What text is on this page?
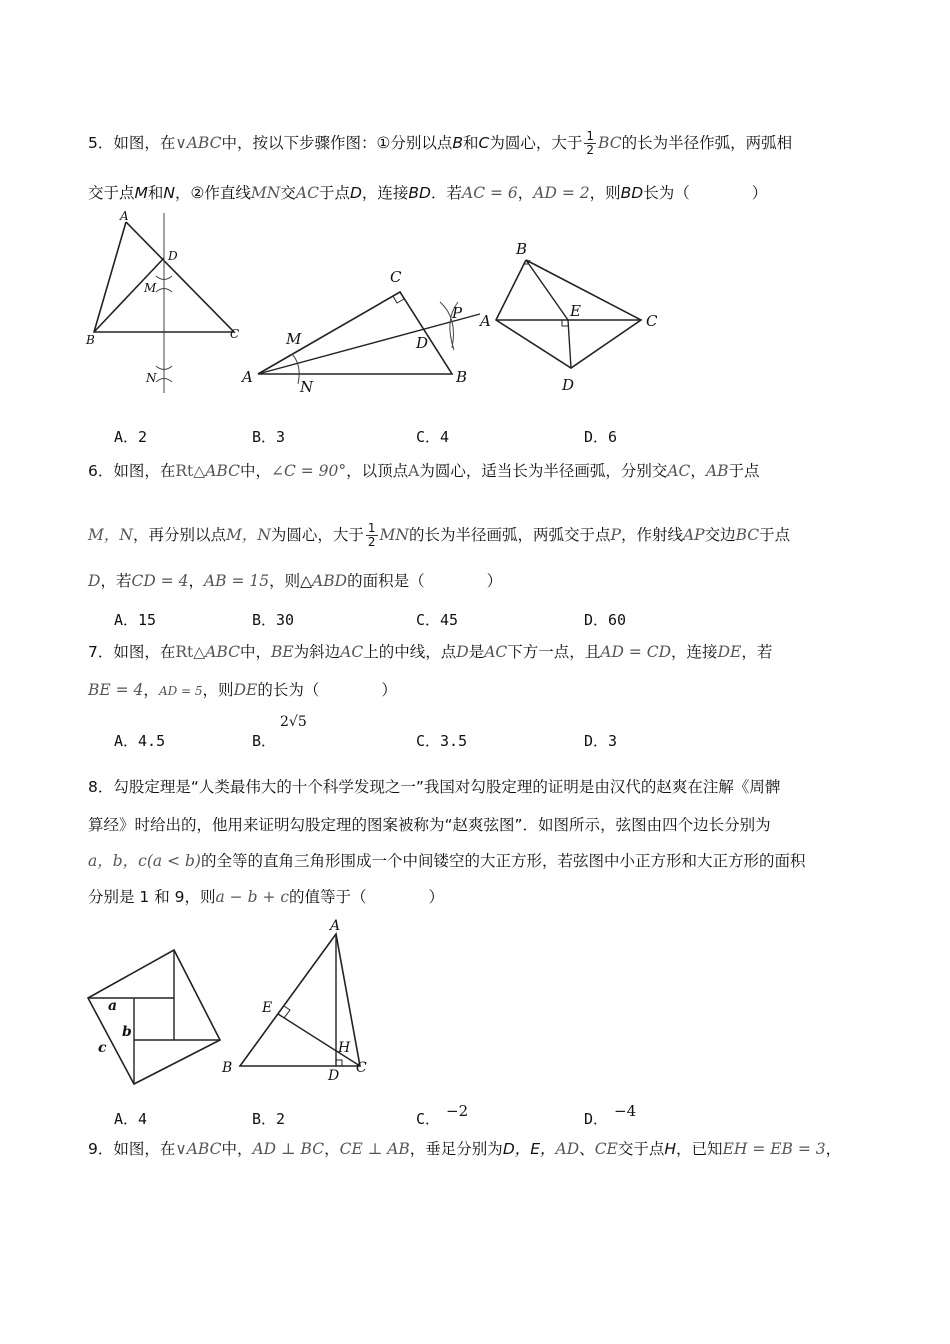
5．如图，在∨ABC中，按以下步骤作图：①分别以点B和C为圆心，大于 $\frac{1}{2}$ BC的长为半径作弧，两弧相
交于点M和N，②作直线MN交AC于点D，连接BD．若AC = 6，AD = 2，则BD长为（　　　　）
A
D
M
B	C
N
C
M
P
D
A
N
B
B
E
A	C
D
A．2	B．3	C．4	D．6
6．如图，在Rt△ABC中，∠C = 90°，以顶点A为圆心，适当长为半径画弧，分别交AC，AB于点
M，N，再分别以点M，N为圆心，大于 $\frac{1}{2}$ MN的长为半径画弧，两弧交于点P，作射线AP交边BC于点
D，若CD = 4，AB = 15，则△ABD的面积是（　　　　）
A．15	B．30	C．45	D．60
7．如图，在Rt△ABC中，BE为斜边AC上的中线，点D是AC下方一点，且AD = CD，连接DE，若
BE = 4，AD = 5，则DE的长为（　　　　）
A．4.5	B．
2√5
C．3.5	D．3
8．勾股定理是“人类最伟大的十个科学发现之一”我国对勾股定理的证明是由汉代的赵爽在注解《周髀
算经》时给出的，他用来证明勾股定理的图案被称为“赵爽弦图”．如图所示，弦图由四个边长分别为
a，b，c(a < b)的全等的直角三角形围成一个中间镂空的大正方形，若弦图中小正方形和大正方形的面积
分别是 1 和 9，则a − b + c的值等于（　　　　）
a
b
c
A
E
H
B	D C
A．4	B．2	C． −2	D． −4
9．如图，在∨ABC中，AD ⊥ BC，CE ⊥ AB，垂足分别为D，E，AD、CE交于点H，已知EH = EB = 3，
